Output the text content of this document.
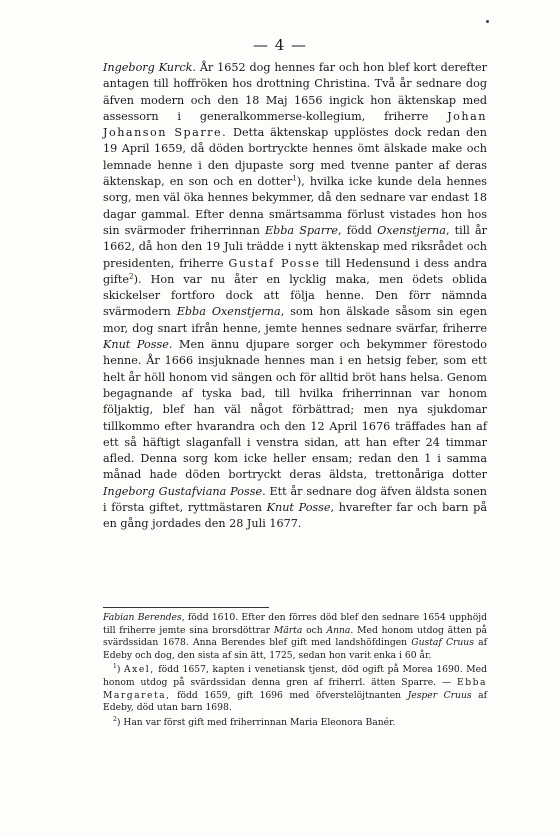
— 4 —

Ingeborg Kurck. År 1652 dog hennes far och hon blef kort derefter antagen till hoffröken hos drottning Christina. Två år sednare dog äfven modern och den 18 Maj 1656 ingick hon äktenskap med assessorn i generalkommerse-kollegium, friherre Johan Johanson Sparre. Detta äktenskap upplöstes dock redan den 19 April 1659, då döden bortryckte hennes ömt älskade make och lemnade henne i den djupaste sorg med tvenne panter af deras äktenskap, en son och en dotter$^1$), hvilka icke kunde dela hennes sorg, men väl öka hennes bekymmer, då den sednare var endast 18 dagar gammal. Efter denna smärtsamma förlust vistades hon hos sin svärmoder friherrinnan Ebba Sparre, född Oxenstjerna, till år 1662, då hon den 19 Juli trädde i nytt äktenskap med riksrådet och presidenten, friherre Gustaf Posse till Hedensund i dess andra gifte$^2$). Hon var nu åter en lycklig maka, men ödets oblida skickelser fortforo dock att följa henne. Den förr nämnda svärmodern Ebba Oxenstjerna, som hon älskade såsom sin egen mor, dog snart ifrån henne, jemte hennes sednare svärfar, friherre Knut Posse. Men ännu djupare sorger och bekymmer förestodo henne. År 1666 insjuknade hennes man i en hetsig feber, som ett helt år höll honom vid sängen och för alltid bröt hans helsa. Genom begagnande af tyska bad, till hvilka friherrinnan var honom följaktig, blef han väl något förbättrad; men nya sjukdomar tillkommo efter hvarandra och den 12 April 1676 träffades han af ett så häftigt slaganfall i venstra sidan, att han efter 24 timmar afled. Denna sorg kom icke heller ensam; redan den 1 i samma månad hade döden bortryckt deras äldsta, trettonåriga dotter Ingeborg Gustafviana Posse. Ett år sednare dog äfven äldsta sonen i första giftet, ryttmästaren Knut Posse, hvarefter far och barn på en gång jordades den 28 Juli 1677.

Fabian Berendes, född 1610. Efter den förres död blef den sednare 1654 upphöjd till friherre jemte sina brorsdöttrar Märta och Anna. Med honom utdog ätten på svärdssidan 1678. Anna Berendes blef gift med landshöfdingen Gustaf Cruus af Edeby och dog, den sista af sin ätt, 1725, sedan hon varit enka i 60 år.

$^1$) Axel, född 1657, kapten i venetiansk tjenst, död ogift på Morea 1690. Med honom utdog på svärdssidan denna gren af friherrl. ätten Sparre. — Ebba Margareta, född 1659, gift 1696 med öfverstelöjtnanten Jesper Cruus af Edeby, död utan barn 1698.

$^2$) Han var först gift med friherrinnan Maria Eleonora Banér.
